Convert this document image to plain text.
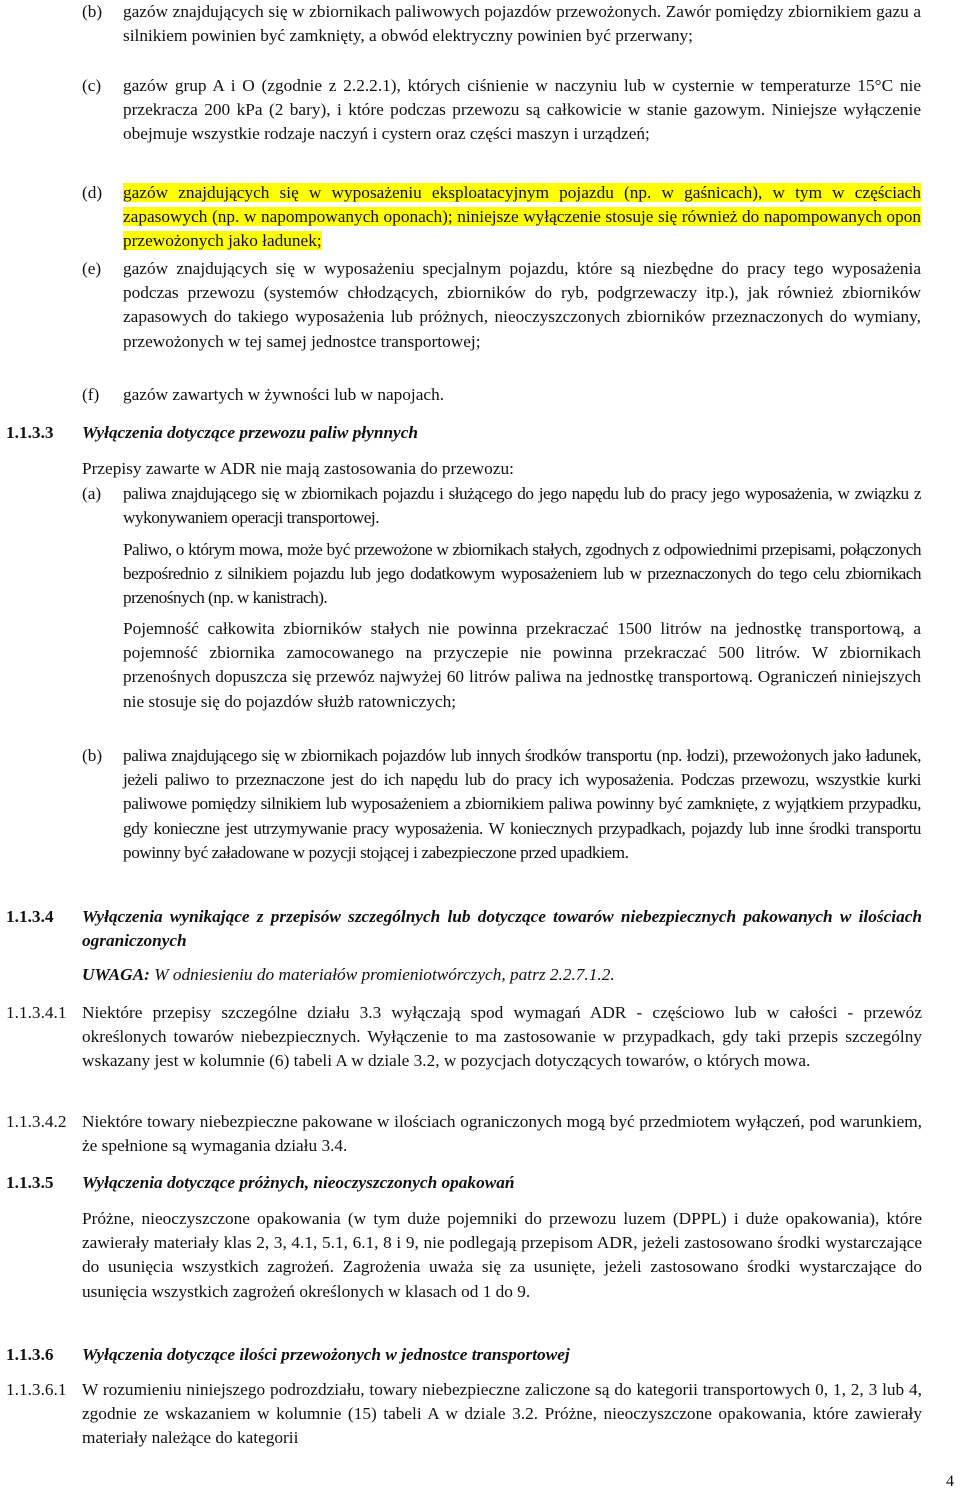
(b) gazów znajdujących się w zbiornikach paliwowych pojazdów przewożonych. Zawór pomiędzy zbiornikiem gazu a silnikiem powinien być zamknięty, a obwód elektryczny powinien być przerwany;
(c) gazów grup A i O (zgodnie z 2.2.2.1), których ciśnienie w naczyniu lub w cysternie w temperaturze 15°C nie przekracza 200 kPa (2 bary), i które podczas przewozu są całkowicie w stanie gazowym. Niniejsze wyłączenie obejmuje wszystkie rodzaje naczyń i cystern oraz części maszyn i urządzeń;
(d) gazów znajdujących się w wyposażeniu eksploatacyjnym pojazdu (np. w gaśnicach), w tym w częściach zapasowych (np. w napompowanych oponach); niniejsze wyłączenie stosuje się również do napompowanych opon przewożonych jako ładunek;
(e) gazów znajdujących się w wyposażeniu specjalnym pojazdu, które są niezbędne do pracy tego wyposażenia podczas przewozu (systemów chłodzących, zbiorników do ryb, podgrzewaczy itp.), jak również zbiorników zapasowych do takiego wyposażenia lub próżnych, nieoczyszczonych zbiorników przeznaczonych do wymiany, przewożonych w tej samej jednostce transportowej;
(f) gazów zawartych w żywności lub w napojach.
1.1.3.3 Wyłączenia dotyczące przewozu paliw płynnych
Przepisy zawarte w ADR nie mają zastosowania do przewozu:
(a) paliwa znajdującego się w zbiornikach pojazdu i służącego do jego napędu lub do pracy jego wyposażenia, w związku z wykonywaniem operacji transportowej.
Paliwo, o którym mowa, może być przewożone w zbiornikach stałych, zgodnych z odpowiednimi przepisami, połączonych bezpośrednio z silnikiem pojazdu lub jego dodatkowym wyposażeniem lub w przeznaczonych do tego celu zbiornikach przenośnych (np. w kanistrach).
Pojemność całkowita zbiorników stałych nie powinna przekraczać 1500 litrów na jednostkę transportową, a pojemność zbiornika zamocowanego na przyczepie nie powinna przekraczać 500 litrów. W zbiornikach przenośnych dopuszcza się przewóz najwyżej 60 litrów paliwa na jednostkę transportową. Ograniczeń niniejszych nie stosuje się do pojazdów służb ratowniczych;
(b) paliwa znajdującego się w zbiornikach pojazdów lub innych środków transportu (np. łodzi), przewożonych jako ładunek, jeżeli paliwo to przeznaczone jest do ich napędu lub do pracy ich wyposażenia. Podczas przewozu, wszystkie kurki paliwowe pomiędzy silnikiem lub wyposażeniem a zbiornikiem paliwa powinny być zamknięte, z wyjątkiem przypadku, gdy konieczne jest utrzymywanie pracy wyposażenia. W koniecznych przypadkach, pojazdy lub inne środki transportu powinny być załadowane w pozycji stojącej i zabezpieczone przed upadkiem.
1.1.3.4 Wyłączenia wynikające z przepisów szczególnych lub dotyczące towarów niebezpiecznych pakowanych w ilościach ograniczonych
UWAGA: W odniesieniu do materiałów promieniotwórczych, patrz 2.2.7.1.2.
1.1.3.4.1 Niektóre przepisy szczególne działu 3.3 wyłączają spod wymagań ADR - częściowo lub w całości - przewóz określonych towarów niebezpiecznych. Wyłączenie to ma zastosowanie w przypadkach, gdy taki przepis szczególny wskazany jest w kolumnie (6) tabeli A w dziale 3.2, w pozycjach dotyczących towarów, o których mowa.
1.1.3.4.2 Niektóre towary niebezpieczne pakowane w ilościach ograniczonych mogą być przedmiotem wyłączeń, pod warunkiem, że spełnione są wymagania działu 3.4.
1.1.3.5 Wyłączenia dotyczące próżnych, nieoczyszczonych opakowań
Próżne, nieoczyszczone opakowania (w tym duże pojemniki do przewozu luzem (DPPL) i duże opakowania), które zawierały materiały klas 2, 3, 4.1, 5.1, 6.1, 8 i 9, nie podlegają przepisom ADR, jeżeli zastosowano środki wystarczające do usunięcia wszystkich zagrożeń. Zagrożenia uważa się za usunięte, jeżeli zastosowano środki wystarczające do usunięcia wszystkich zagrożeń określonych w klasach od 1 do 9.
1.1.3.6 Wyłączenia dotyczące ilości przewożonych w jednostce transportowej
1.1.3.6.1 W rozumieniu niniejszego podrozdziału, towary niebezpieczne zaliczone są do kategorii transportowych 0, 1, 2, 3 lub 4, zgodnie ze wskazaniem w kolumnie (15) tabeli A w dziale 3.2. Próżne, nieoczyszczone opakowania, które zawierały materiały należące do kategorii
4
